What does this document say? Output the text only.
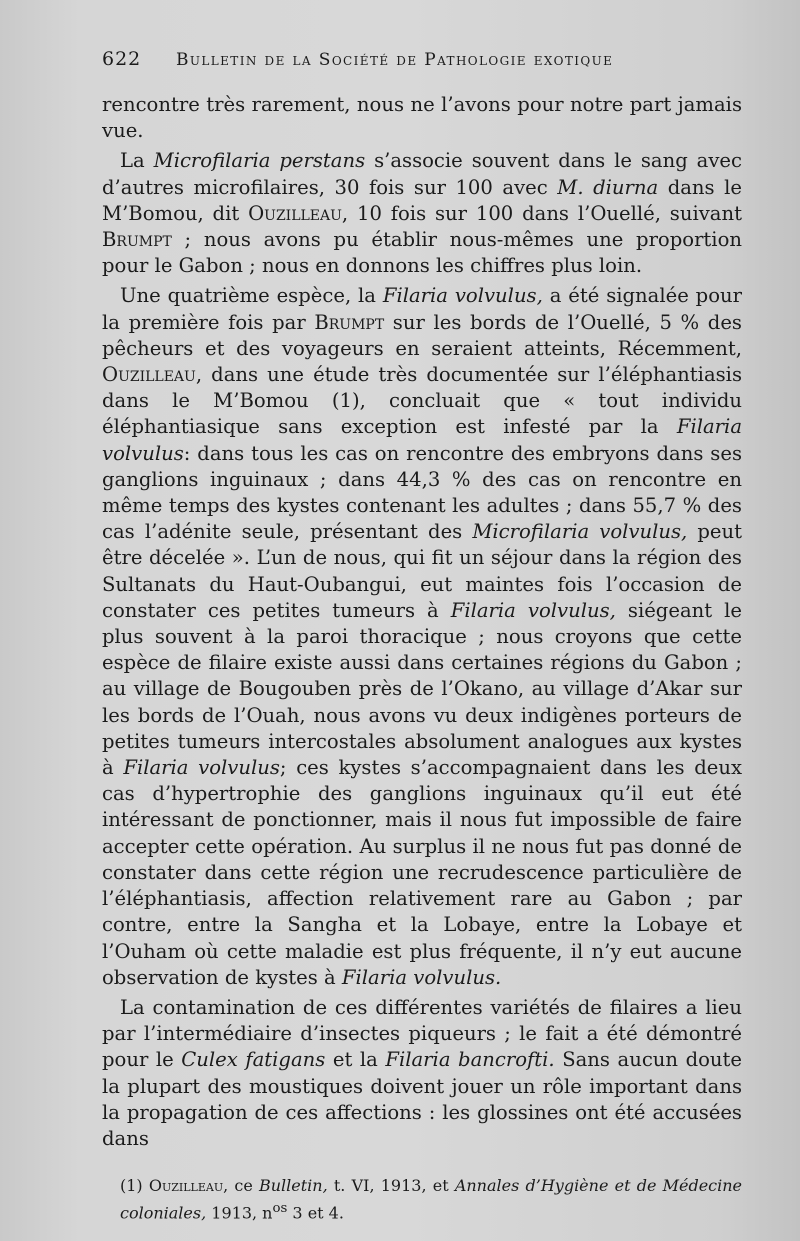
622	Bulletin de la Société de Pathologie exotique

rencontre très rarement, nous ne l’avons pour notre part jamais vue.

La Microfilaria perstans s’associe souvent dans le sang avec d’autres microfilaires, 30 fois sur 100 avec M. diurna dans le M’Bomou, dit Ouzilleau, 10 fois sur 100 dans l’Ouellé, suivant Brumpt ; nous avons pu établir nous-mêmes une proportion pour le Gabon ; nous en donnons les chiffres plus loin.

Une quatrième espèce, la Filaria volvulus, a été signalée pour la première fois par Brumpt sur les bords de l’Ouellé, 5 % des pêcheurs et des voyageurs en seraient atteints, Récemment, Ouzilleau, dans une étude très documentée sur l’éléphantiasis dans le M’Bomou (1), concluait que « tout individu éléphantiasique sans exception est infesté par la Filaria volvulus: dans tous les cas on rencontre des embryons dans ses ganglions inguinaux ; dans 44,3 % des cas on rencontre en même temps des kystes contenant les adultes ; dans 55,7 % des cas l’adénite seule, présentant des Microfilaria volvulus, peut être décelée ». L’un de nous, qui fit un séjour dans la région des Sultanats du Haut-Oubangui, eut maintes fois l’occasion de constater ces petites tumeurs à Filaria volvulus, siégeant le plus souvent à la paroi thoracique ; nous croyons que cette espèce de filaire existe aussi dans certaines régions du Gabon ; au village de Bougouben près de l’Okano, au village d’Akar sur les bords de l’Ouah, nous avons vu deux indigènes porteurs de petites tumeurs intercostales absolument analogues aux kystes à Filaria volvulus; ces kystes s’accompagnaient dans les deux cas d’hypertrophie des ganglions inguinaux qu’il eut été intéressant de ponctionner, mais il nous fut impossible de faire accepter cette opération. Au surplus il ne nous fut pas donné de constater dans cette région une recrudescence particulière de l’éléphantiasis, affection relativement rare au Gabon ; par contre, entre la Sangha et la Lobaye, entre la Lobaye et l’Ouham où cette maladie est plus fréquente, il n’y eut aucune observation de kystes à Filaria volvulus.

La contamination de ces différentes variétés de filaires a lieu par l’intermédiaire d’insectes piqueurs ; le fait a été démontré pour le Culex fatigans et la Filaria bancrofti. Sans aucun doute la plupart des moustiques doivent jouer un rôle important dans la propagation de ces affections : les glossines ont été accusées dans

(1) Ouzilleau, ce Bulletin, t. VI, 1913, et Annales d’Hygiène et de Médecine coloniales, 1913, $n^{os}$ 3 et 4.
